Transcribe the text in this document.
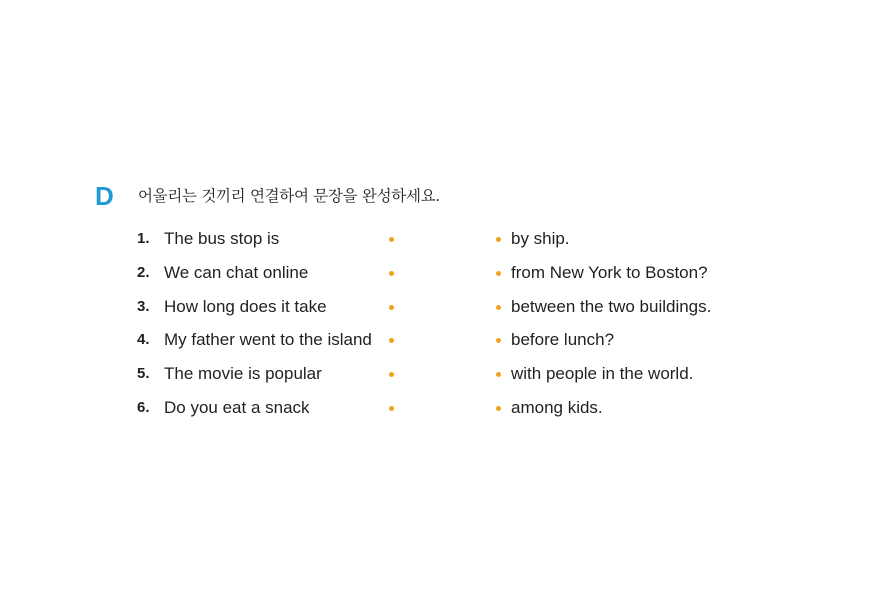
D 어울리는 것끼리 연결하여 문장을 완성하세요.
1. The bus stop is	by ship.
2. We can chat online	from New York to Boston?
3. How long does it take	between the two buildings.
4. My father went to the island	before lunch?
5. The movie is popular	with people in the world.
6. Do you eat a snack	among kids.
